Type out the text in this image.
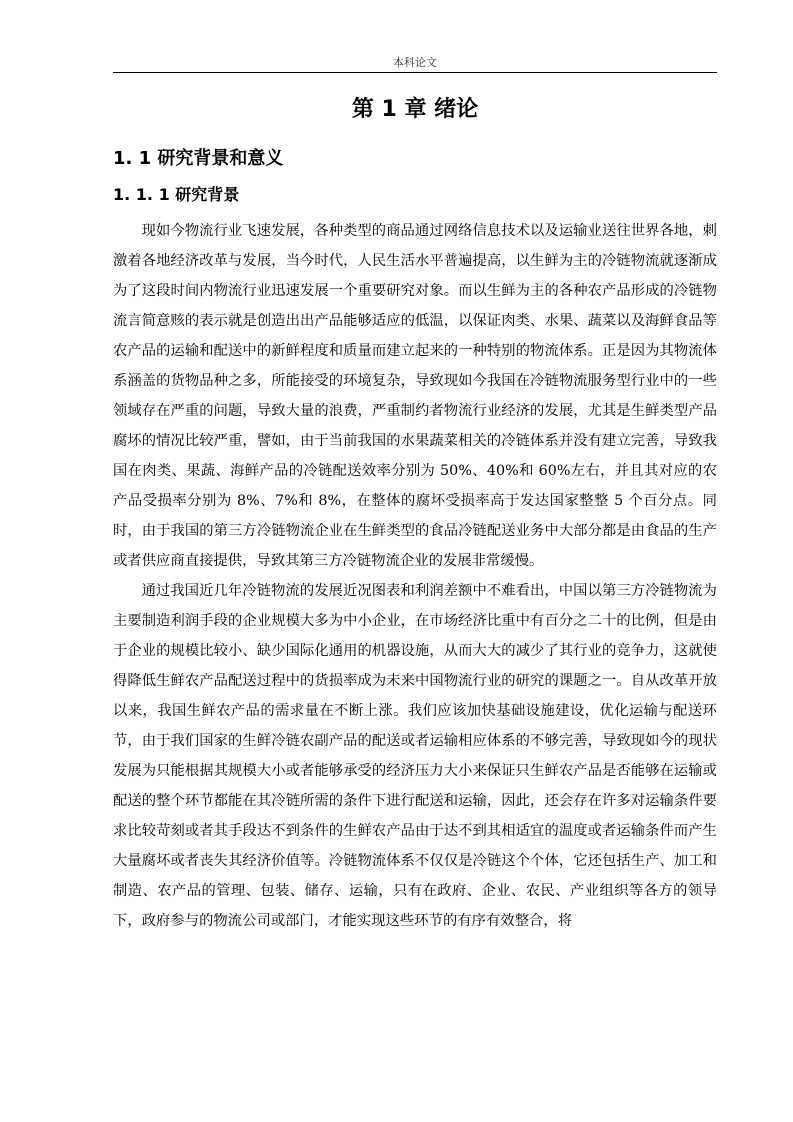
本科论文
第 1 章 绪论
1. 1 研究背景和意义
1. 1. 1 研究背景

现如今物流行业飞速发展，各种类型的商品通过网络信息技术以及运输业送往世界各地，刺激着各地经济改革与发展，当今时代，人民生活水平普遍提高，以生鲜为主的冷链物流就逐渐成为了这段时间内物流行业迅速发展一个重要研究对象。而以生鲜为主的各种农产品形成的冷链物流言简意赅的表示就是创造出出产品能够适应的低温，以保证肉类、水果、蔬菜以及海鲜食品等农产品的运输和配送中的新鲜程度和质量而建立起来的一种特别的物流体系。正是因为其物流体系涵盖的货物品种之多，所能接受的环境复杂，导致现如今我国在冷链物流服务型行业中的一些领域存在严重的问题，导致大量的浪费，严重制约者物流行业经济的发展，尤其是生鲜类型产品腐坏的情况比较严重，譬如，由于当前我国的水果蔬菜相关的冷链体系并没有建立完善，导致我国在肉类、果蔬、海鲜产品的冷链配送效率分别为 50%、40%和 60%左右，并且其对应的农产品受损率分别为 8%、7%和 8%，在整体的腐坏受损率高于发达国家整整 5 个百分点。同时，由于我国的第三方冷链物流企业在生鲜类型的食品冷链配送业务中大部分都是由食品的生产或者供应商直接提供，导致其第三方冷链物流企业的发展非常缓慢。

通过我国近几年冷链物流的发展近况图表和利润差额中不难看出，中国以第三方冷链物流为主要制造利润手段的企业规模大多为中小企业，在市场经济比重中有百分之二十的比例，但是由于企业的规模比较小、缺少国际化通用的机器设施，从而大大的减少了其行业的竞争力，这就使得降低生鲜农产品配送过程中的货损率成为未来中国物流行业的研究的课题之一。自从改革开放以来，我国生鲜农产品的需求量在不断上涨。我们应该加快基础设施建设，优化运输与配送环节，由于我们国家的生鲜冷链农副产品的配送或者运输相应体系的不够完善，导致现如今的现状发展为只能根据其规模大小或者能够承受的经济压力大小来保证只生鲜农产品是否能够在运输或配送的整个环节都能在其冷链所需的条件下进行配送和运输，因此，还会存在许多对运输条件要求比较苛刻或者其手段达不到条件的生鲜农产品由于达不到其相适宜的温度或者运输条件而产生大量腐坏或者丧失其经济价值等。冷链物流体系不仅仅是冷链这个个体，它还包括生产、加工和制造、农产品的管理、包装、储存、运输，只有在政府、企业、农民、产业组织等各方的领导下，政府参与的物流公司或部门，才能实现这些环节的有序有效整合，将
